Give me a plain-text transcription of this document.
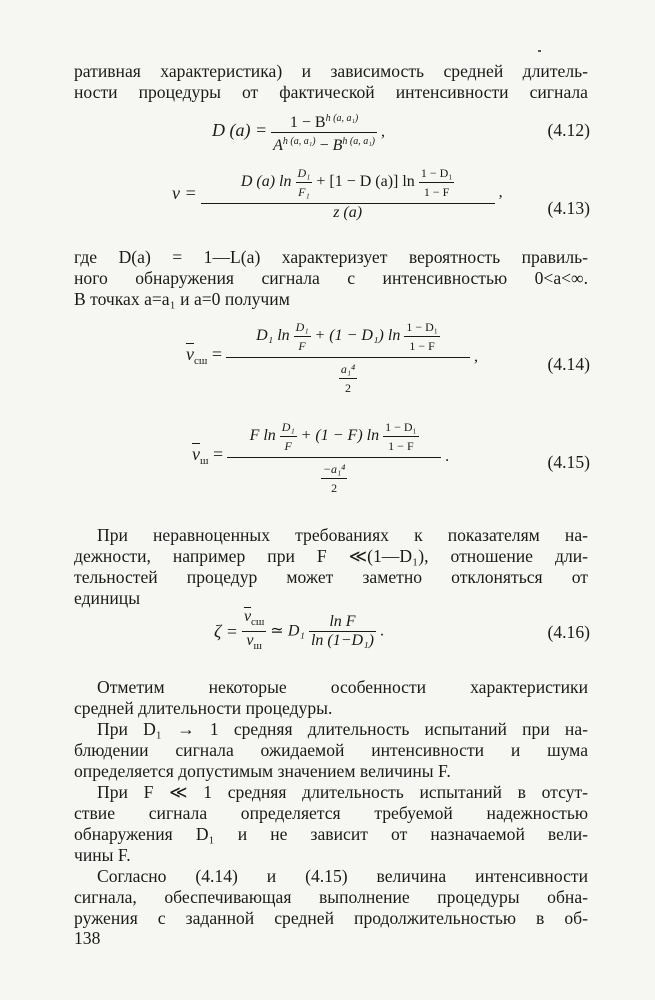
ративная характеристика) и зависимость средней длитель-
ности процедуры от фактической интенсивности сигнала
D $(a) = \frac{1 - B^{h (a, a_1)}}{A^{h (a, a_1)} - B^{h (a, a_1)}}$ ,	(4.12)
$\nu = \frac{D (a) \ln \frac{\text{D₁}}{\text{F₁}} + [1 - D (a)] \ln \frac{\text{1 − D₁}}{1 - F}}{z (a)}$ ,
(4.13)
где D(a) = 1—L(a) характеризует вероятность правиль-
ного обнаружения сигнала с интенсивностью 0<a<∞.
В точках a=a₁ и a=0 получим
$\overline{\nu}_{сш} = \frac{D_1 \ln \frac{\text{D₁}}{F} + (1 - D_1) \ln \frac{\text{1 − D₁}}{1 - F}}{\frac{\text{a₁⁴}}{2}}$ ,	(4.14)
$\overline{\nu}_ш = \frac{F \ln \frac{\text{D₁}}{F} + (1 - F) \ln \frac{\text{1 − D₁}}{1 - F}}{\frac{\text{−a₁⁴}}{2}}$ .	(4.15)
При неравноценных требованиях к показателям на-
дежности, например при F ≪(1—D₁), отношение дли-
тельностей процедур может заметно отклоняться от
единицы
$\zeta = \frac{\overline{\nu}_{сш}}{\overline{\nu}_ш}$ ≃ $D_1 \frac{\text{ln F}}{\text{ln (1−D₁)}}$ .	(4.16)
Отметим некоторые особенности характеристики
средней длительности процедуры.
При D₁ → 1 средняя длительность испытаний при на-
блюдении сигнала ожидаемой интенсивности и шума
определяется допустимым значением величины F.
При F ≪ 1 средняя длительность испытаний в отсут-
ствие сигнала определяется требуемой надежностью
обнаружения D₁ и не зависит от назначаемой вели-
чины F.
Согласно (4.14) и (4.15) величина интенсивности
сигнала, обеспечивающая выполнение процедуры обна-
ружения с заданной средней продолжительностью в об-
138
